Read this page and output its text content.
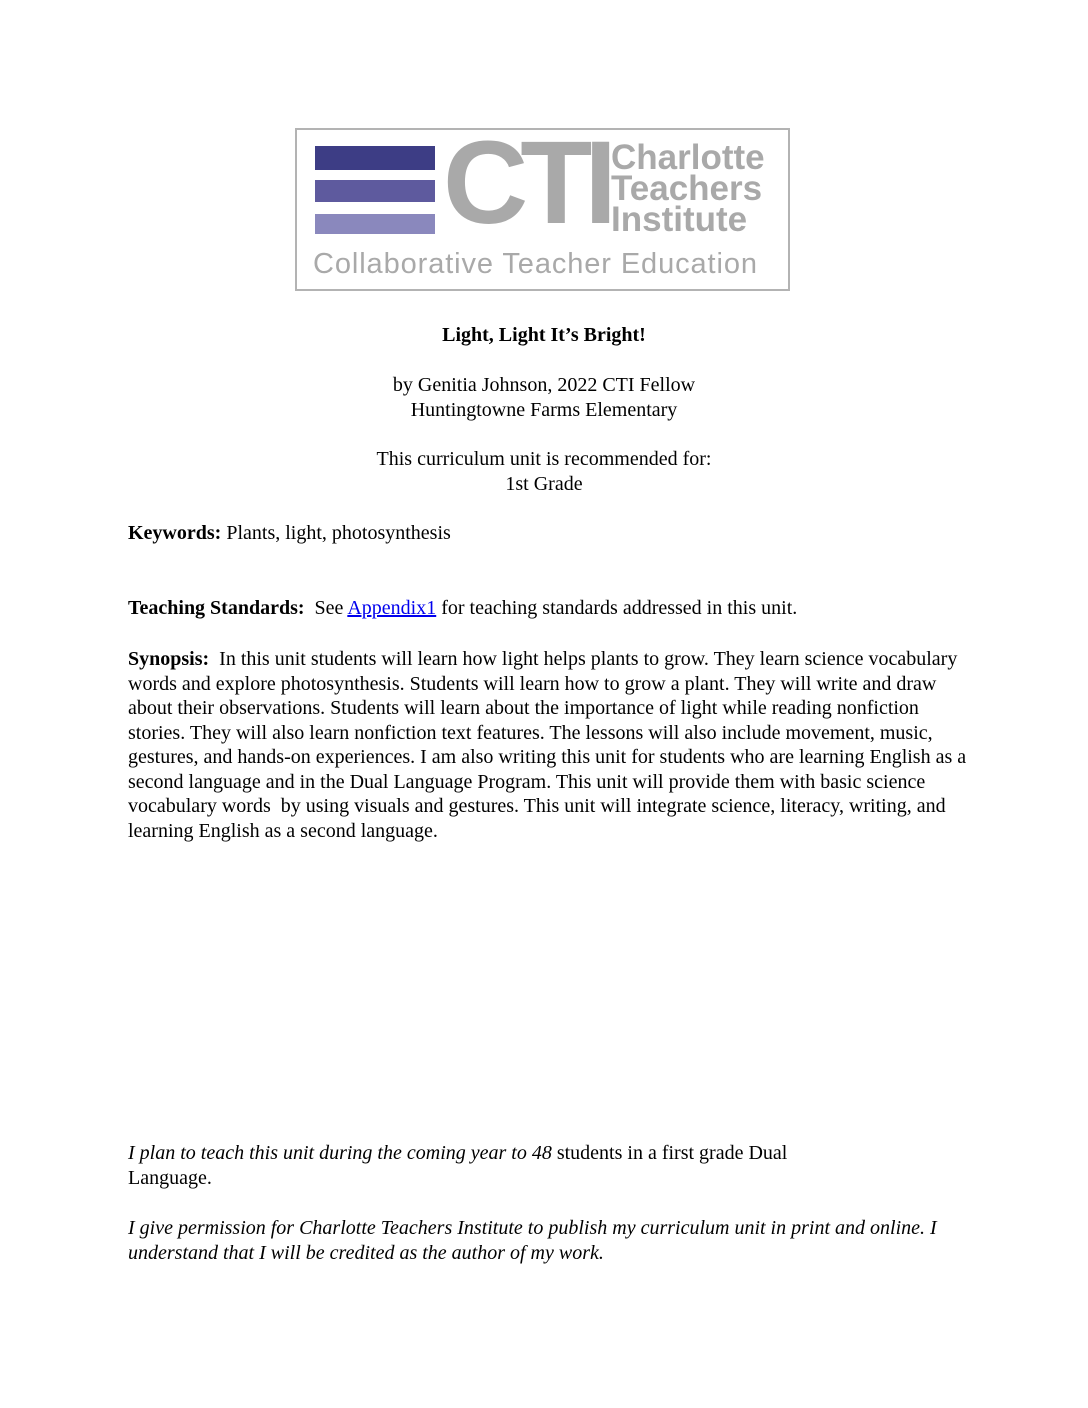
CTI Charlotte
Teachers
Institute
Collaborative Teacher Education
Light, Light It’s Bright!
by Genitia Johnson, 2022 CTI Fellow
Huntingtowne Farms Elementary
This curriculum unit is recommended for:
1st Grade
Keywords: Plants, light, photosynthesis
Teaching Standards:  See Appendix1 for teaching standards addressed in this unit.
Synopsis:  In this unit students will learn how light helps plants to grow. They learn science vocabulary words and explore photosynthesis. Students will learn how to grow a plant. They will write and draw about their observations. Students will learn about the importance of light while reading nonfiction stories. They will also learn nonfiction text features. The lessons will also include movement, music, gestures, and hands-on experiences. I am also writing this unit for students who are learning English as a second language and in the Dual Language Program. This unit will provide them with basic science vocabulary words  by using visuals and gestures. This unit will integrate science, literacy, writing, and learning English as a second language.
I plan to teach this unit during the coming year to 48 students in a first grade Dual Language.
I give permission for Charlotte Teachers Institute to publish my curriculum unit in print and online. I understand that I will be credited as the author of my work.
